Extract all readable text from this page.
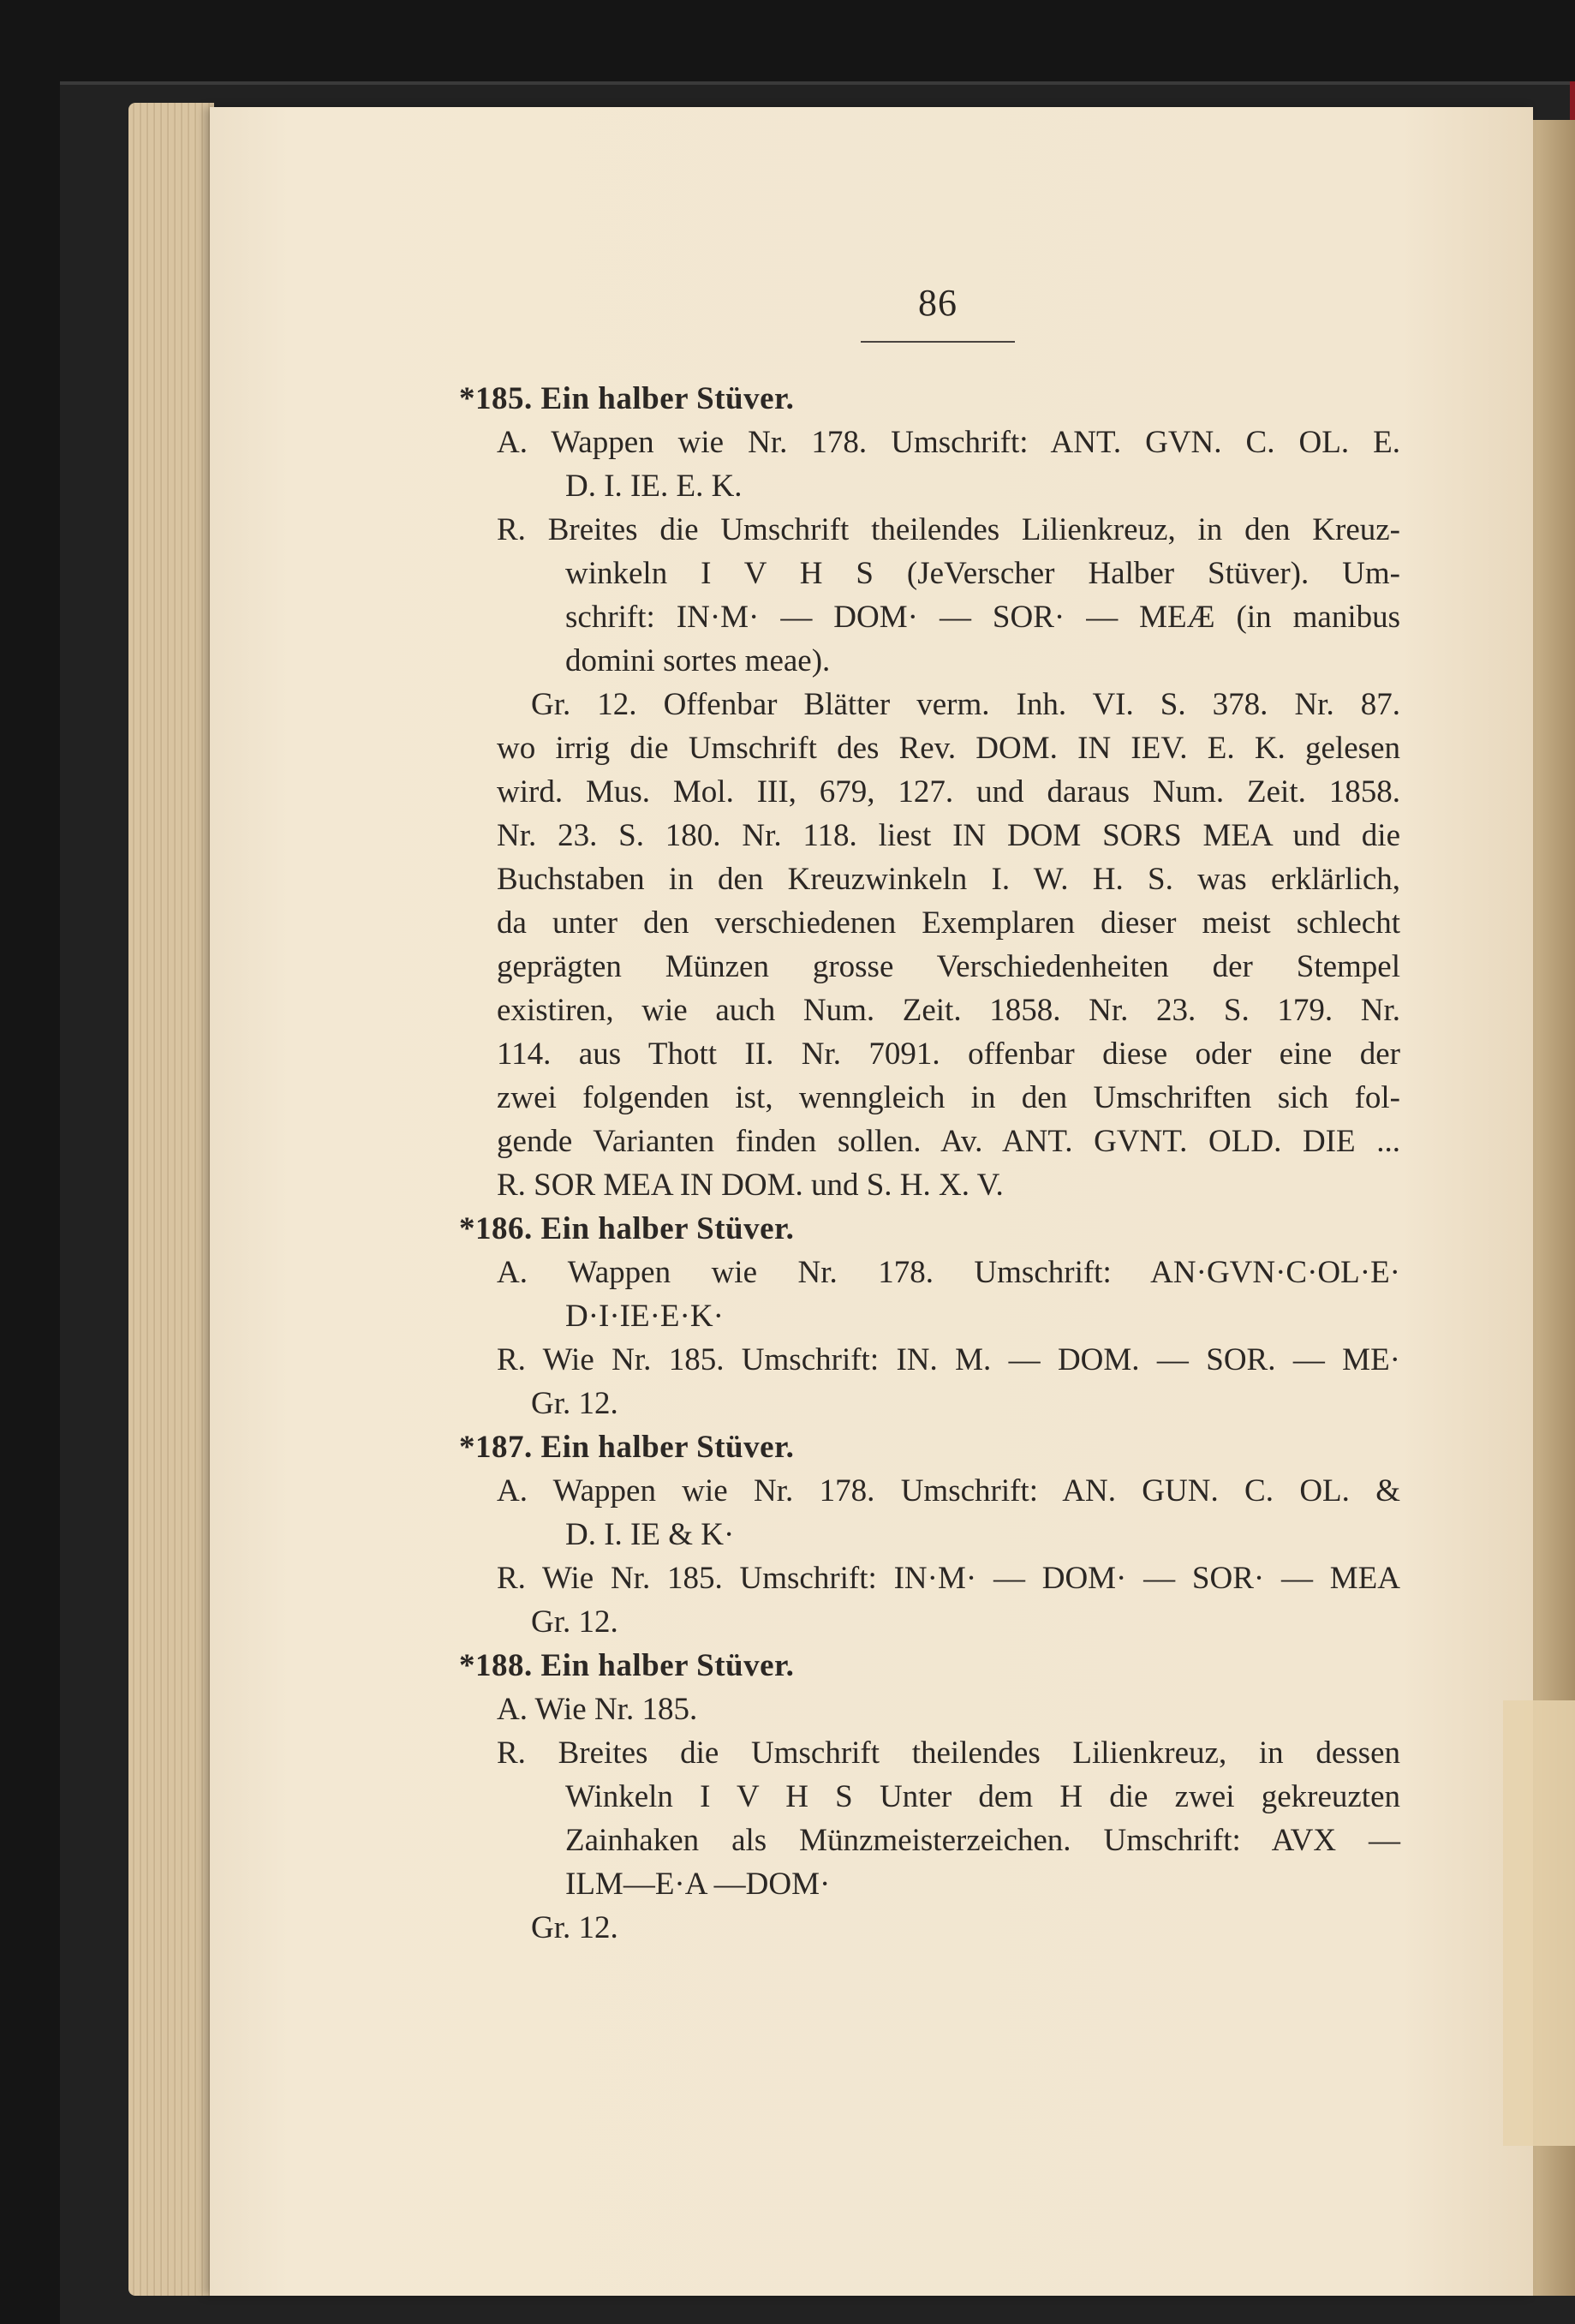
86
*185. Ein halber Stüver.
A. Wappen wie Nr. 178. Umschrift: ANT. GVN. C. OL. E.
D. I. IE. E. K.
R. Breites die Umschrift theilendes Lilienkreuz, in den Kreuz-
winkeln I V H S (JeVerscher Halber Stüver). Um-
schrift: IN·M· — DOM· — SOR· — MEÆ (in manibus
domini sortes meae).
Gr. 12. Offenbar Blätter verm. Inh. VI. S. 378. Nr. 87.
wo irrig die Umschrift des Rev. DOM. IN IEV. E. K. gelesen
wird. Mus. Mol. III, 679, 127. und daraus Num. Zeit. 1858.
Nr. 23. S. 180. Nr. 118. liest IN DOM SORS MEA und die
Buchstaben in den Kreuzwinkeln I. W. H. S. was erklärlich,
da unter den verschiedenen Exemplaren dieser meist schlecht
geprägten Münzen grosse Verschiedenheiten der Stempel
existiren, wie auch Num. Zeit. 1858. Nr. 23. S. 179. Nr.
114. aus Thott II. Nr. 7091. offenbar diese oder eine der
zwei folgenden ist, wenngleich in den Umschriften sich fol-
gende Varianten finden sollen. Av. ANT. GVNT. OLD. DIE ...
R. SOR MEA IN DOM. und S. H. X. V.
*186. Ein halber Stüver.
A. Wappen wie Nr. 178. Umschrift: AN·GVN·C·OL·E·
D·I·IE·E·K·
R. Wie Nr. 185. Umschrift: IN. M. — DOM. — SOR. — ME·
Gr. 12.
*187. Ein halber Stüver.
A. Wappen wie Nr. 178. Umschrift: AN. GUN. C. OL. &
D. I. IE & K·
R. Wie Nr. 185. Umschrift: IN·M· — DOM· — SOR· — MEA
Gr. 12.
*188. Ein halber Stüver.
A. Wie Nr. 185.
R. Breites die Umschrift theilendes Lilienkreuz, in dessen
Winkeln I V H S Unter dem H die zwei gekreuzten
Zainhaken als Münzmeisterzeichen. Umschrift: AVX —
ILM—E·A —DOM·
Gr. 12.
